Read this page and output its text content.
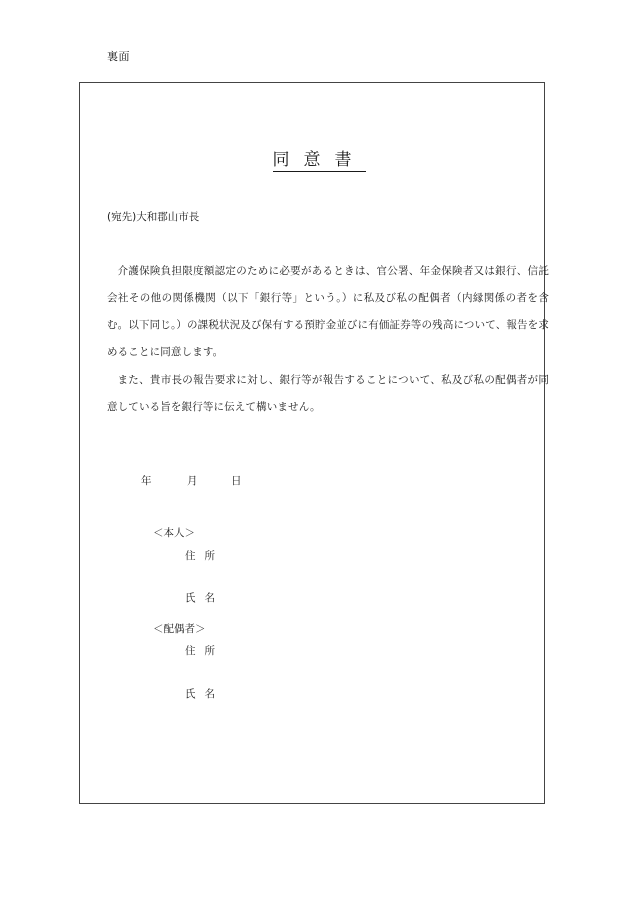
裏面
同意書
(宛先)大和郡山市長
介護保険負担限度額認定のために必要があるときは、官公署、年金保険者又は銀行、信託会社その他の関係機関（以下「銀行等」という。）に私及び私の配偶者（内縁関係の者を含む。以下同じ。）の課税状況及び保有する預貯金並びに有価証券等の残高について、報告を求めることに同意します。
また、貴市長の報告要求に対し、銀行等が報告することについて、私及び私の配偶者が同意している旨を銀行等に伝えて構いません。
年	月	日
＜本人＞
住所
氏名
＜配偶者＞
住所
氏名
